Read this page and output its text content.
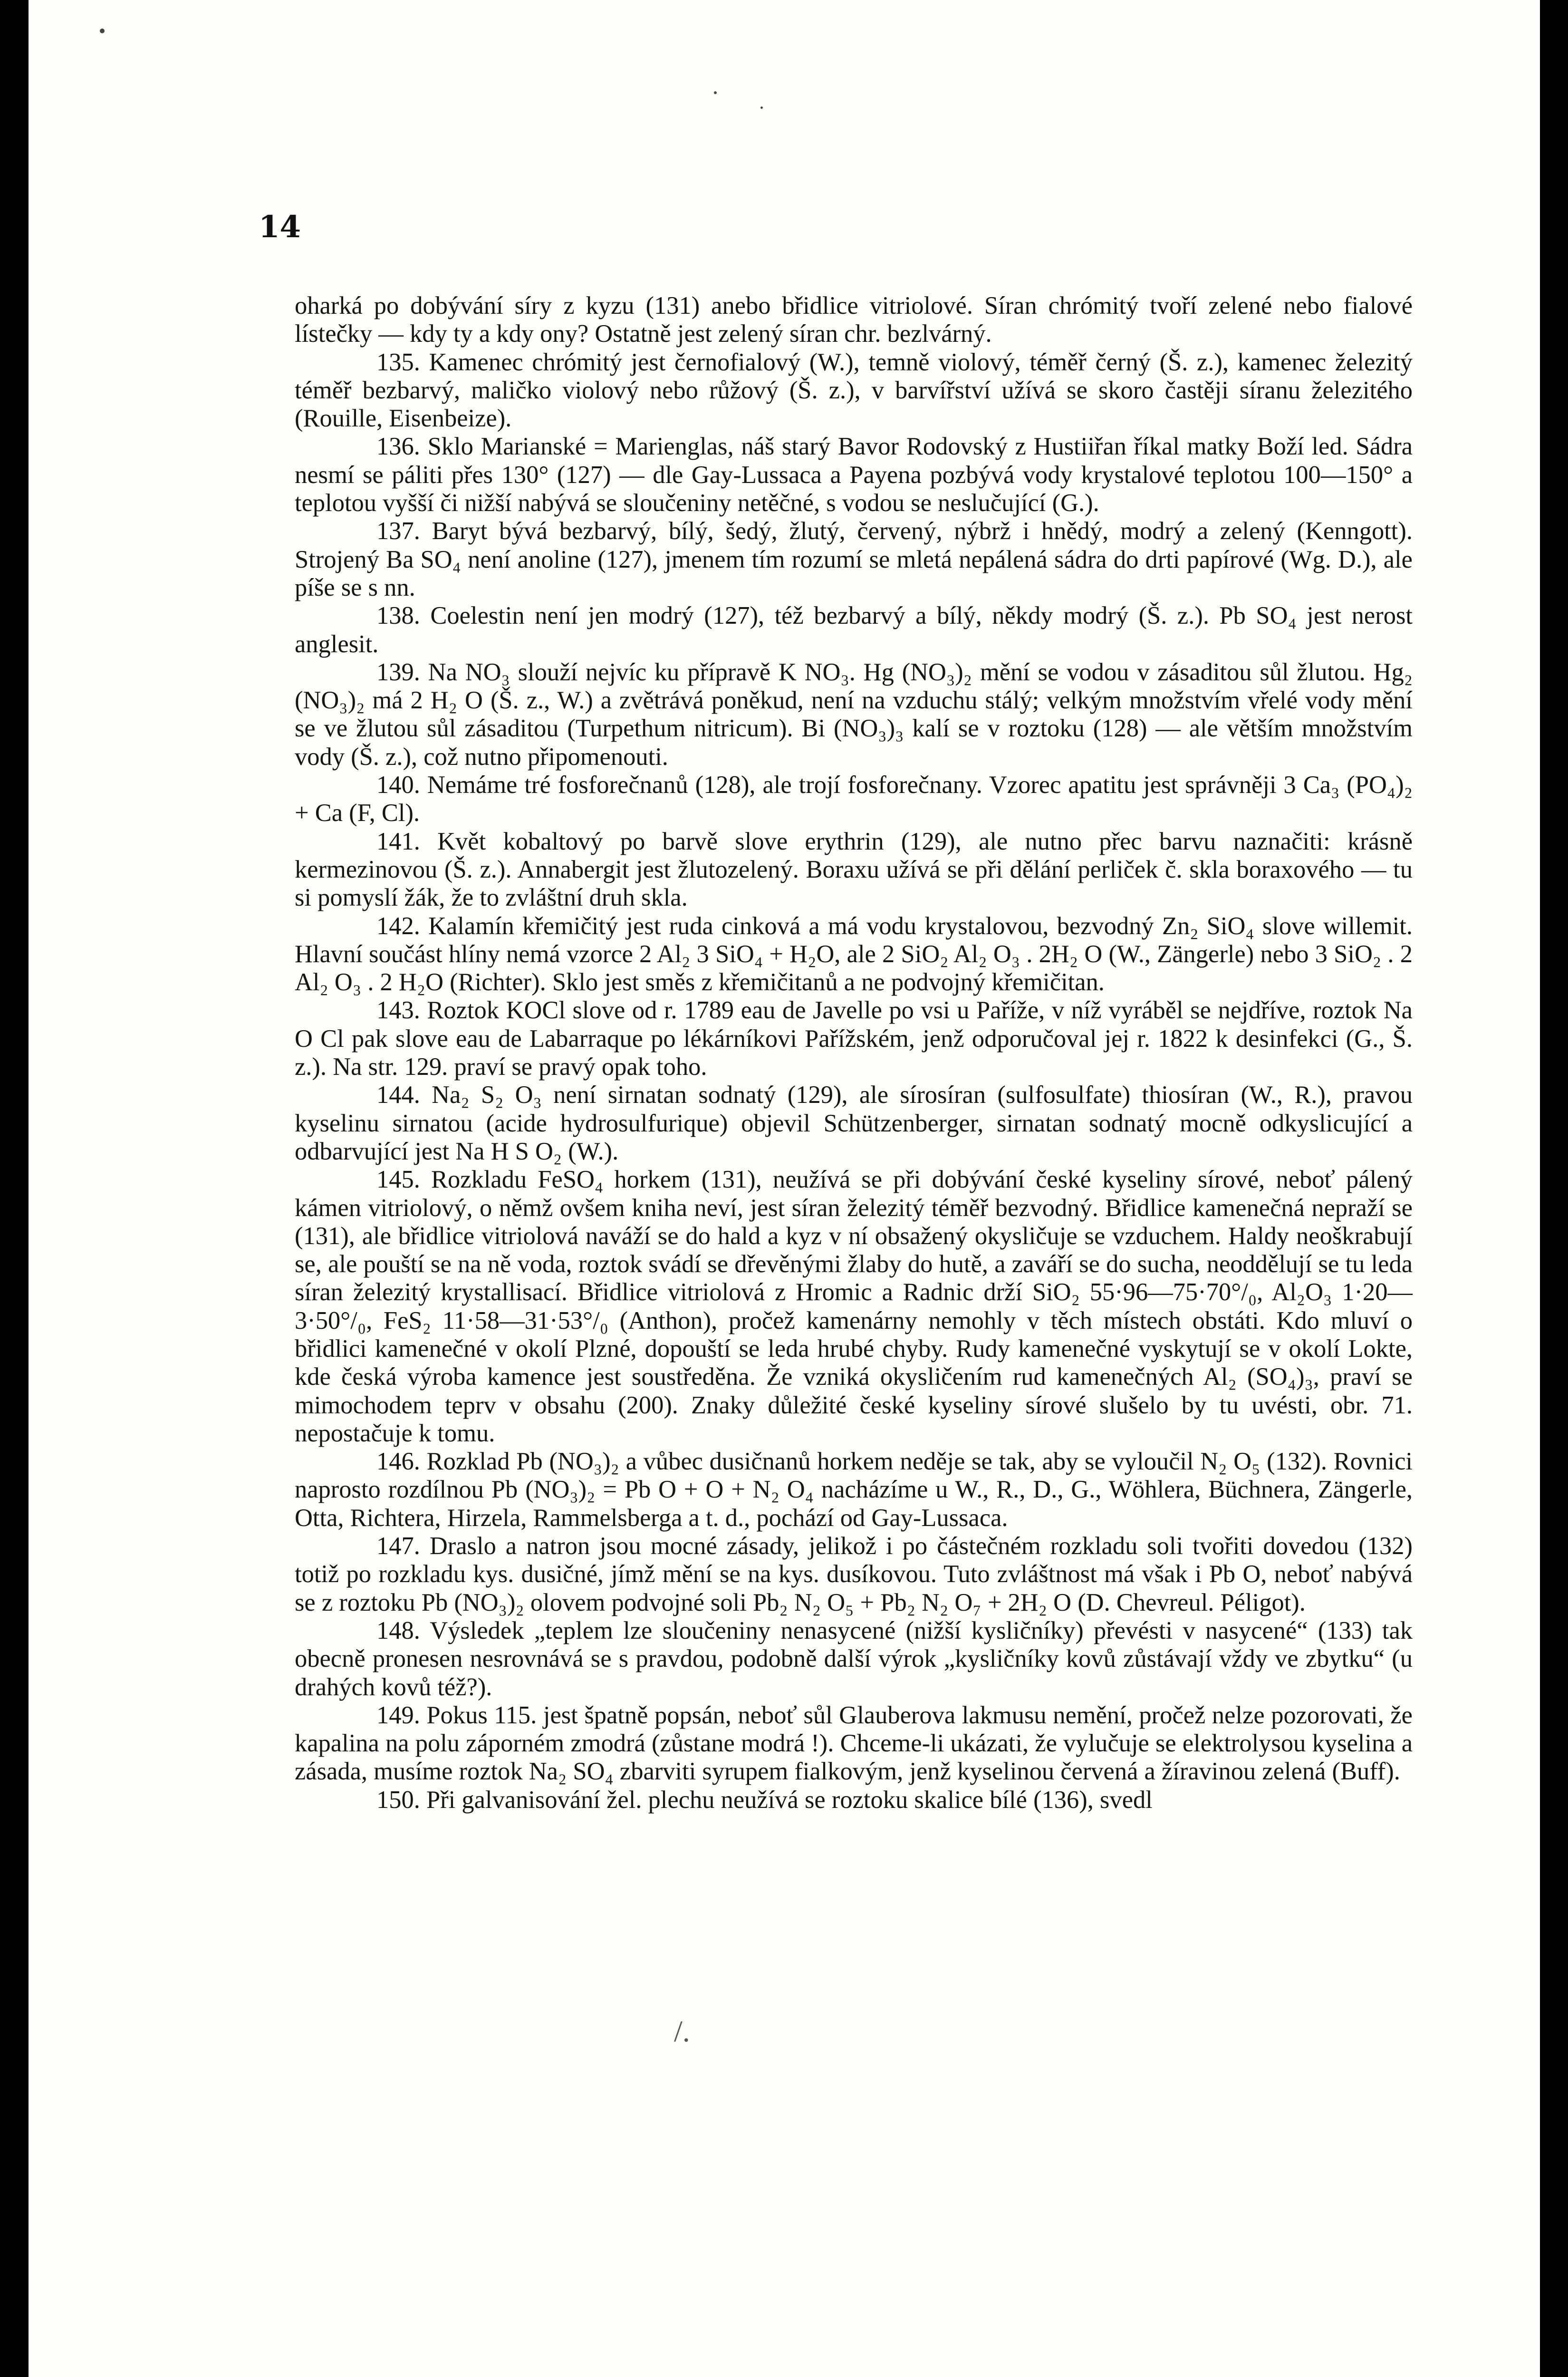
14

oharká po dobývání síry z kyzu (131) anebo břidlice vitriolové. Síran chrómitý tvoří zelené nebo fialové lístečky — kdy ty a kdy ony? Ostatně jest zelený síran chr. bezlvárný.

135. Kamenec chrómitý jest černofialový (W.), temně violový, téměř černý (Š. z.), kamenec železitý téměř bezbarvý, maličko violový nebo růžový (Š. z.), v barvířství užívá se skoro častěji síranu železitého (Rouille, Eisenbeize).

136. Sklo Marianské = Marienglas, náš starý Bavor Rodovský z Hustiiřan říkal matky Boží led. Sádra nesmí se páliti přes 130° (127) — dle Gay-Lussaca a Payena pozbývá vody krystalové teplotou 100—150° a teplotou vyšší či nižší nabývá se sloučeniny netěčné, s vodou se neslučující (G.).

137. Baryt bývá bezbarvý, bílý, šedý, žlutý, červený, nýbrž i hnědý, modrý a zelený (Kenngott). Strojený Ba SO₄ není anoline (127), jmenem tím rozumí se mletá nepálená sádra do drti papírové (Wg. D.), ale píše se s nn.

138. Coelestin není jen modrý (127), též bezbarvý a bílý, někdy modrý (Š. z.). Pb SO₄ jest nerost anglesit.

139. Na NO₃ slouží nejvíc ku přípravě K NO₃. Hg (NO₃)₂ mění se vodou v zásaditou sůl žlutou. Hg₂ (NO₃)₂ má 2 H₂ O (Š. z., W.) a zvětrává poněkud, není na vzduchu stálý; velkým množstvím vřelé vody mění se ve žlutou sůl zásaditou (Turpethum nitricum). Bi (NO₃)₃ kalí se v roztoku (128) — ale větším množstvím vody (Š. z.), což nutno připomenouti.

140. Nemáme tré fosforečnanů (128), ale trojí fosforečnany. Vzorec apatitu jest správněji 3 Ca₃ (PO₄)₂ + Ca (F, Cl).

141. Květ kobaltový po barvě slove erythrin (129), ale nutno přec barvu naznačiti: krásně kermezinovou (Š. z.). Annabergit jest žlutozelený. Boraxu užívá se při dělání perliček č. skla boraxového — tu si pomyslí žák, že to zvláštní druh skla.

142. Kalamín křemičitý jest ruda cinková a má vodu krystalovou, bezvodný Zn₂ SiO₄ slove willemit. Hlavní součást hlíny nemá vzorce 2 Al₂ 3 SiO₄ + H₂O, ale 2 SiO₂ Al₂ O₃ . 2H₂ O (W., Zängerle) nebo 3 SiO₂ . 2 Al₂ O₃ . 2 H₂O (Richter). Sklo jest směs z křemičitanů a ne podvojný křemičitan.

143. Roztok KOCl slove od r. 1789 eau de Javelle po vsi u Paříže, v níž vyráběl se nejdříve, roztok Na O Cl pak slove eau de Labarraque po lékárníkovi Pařížském, jenž odporučoval jej r. 1822 k desinfekci (G., Š. z.). Na str. 129. praví se pravý opak toho.

144. Na₂ S₂ O₃ není sirnatan sodnatý (129), ale sírosíran (sulfosulfate) thiosíran (W., R.), pravou kyselinu sirnatou (acide hydrosulfurique) objevil Schützenberger, sirnatan sodnatý mocně odkyslicující a odbarvující jest Na H S O₂ (W.).

145. Rozkladu FeSO₄ horkem (131), neužívá se při dobývání české kyseliny sírové, neboť pálený kámen vitriolový, o němž ovšem kniha neví, jest síran železitý téměř bezvodný. Břidlice kamenečná nepraží se (131), ale břidlice vitriolová naváží se do hald a kyz v ní obsažený okysličuje se vzduchem. Haldy neoškrabují se, ale pouští se na ně voda, roztok svádí se dřevěnými žlaby do hutě, a zaváří se do sucha, neoddělují se tu leda síran železitý krystallisací. Břidlice vitriolová z Hromic a Radnic drží SiO₂ 55·96—75·70°/₀, Al₂O₃ 1·20—3·50°/₀, FeS₂ 11·58—31·53°/₀ (Anthon), pročež kamenárny nemohly v těch místech obstáti. Kdo mluví o břidlici kamenečné v okolí Plzné, dopouští se leda hrubé chyby. Rudy kamenečné vyskytují se v okolí Lokte, kde česká výroba kamence jest soustředěna. Že vzniká okysličením rud kamenečných Al₂ (SO₄)₃, praví se mimochodem teprv v obsahu (200). Znaky důležité české kyseliny sírové slušelo by tu uvésti, obr. 71. nepostačuje k tomu.

146. Rozklad Pb (NO₃)₂ a vůbec dusičnanů horkem neděje se tak, aby se vyloučil N₂ O₅ (132). Rovnici naprosto rozdílnou Pb (NO₃)₂ = Pb O + O + N₂ O₄ nacházíme u W., R., D., G., Wöhlera, Büchnera, Zängerle, Otta, Richtera, Hirzela, Rammelsberga a t. d., pochází od Gay-Lussaca.

147. Draslo a natron jsou mocné zásady, jelikož i po částečném rozkladu soli tvořiti dovedou (132) totiž po rozkladu kys. dusičné, jímž mění se na kys. dusíkovou. Tuto zvláštnost má však i Pb O, neboť nabývá se z roztoku Pb (NO₃)₂ olovem podvojné soli Pb₂ N₂ O₅ + Pb₂ N₂ O₇ + 2H₂ O (D. Chevreul. Péligot).

148. Výsledek „teplem lze sloučeniny nenasycené (nižší kysličníky) převésti v nasycené“ (133) tak obecně pronesen nesrovnává se s pravdou, podobně další výrok „kysličníky kovů zůstávají vždy ve zbytku“ (u drahých kovů též?).

149. Pokus 115. jest špatně popsán, neboť sůl Glauberova lakmusu nemění, pročež nelze pozorovati, že kapalina na polu záporném zmodrá (zůstane modrá !). Chceme-li ukázati, že vylučuje se elektrolysou kyselina a zásada, musíme roztok Na₂ SO₄ zbarviti syrupem fialkovým, jenž kyselinou červená a žíravinou zelená (Buff).

150. Při galvanisování žel. plechu neužívá se roztoku skalice bílé (136), svedl

/.
